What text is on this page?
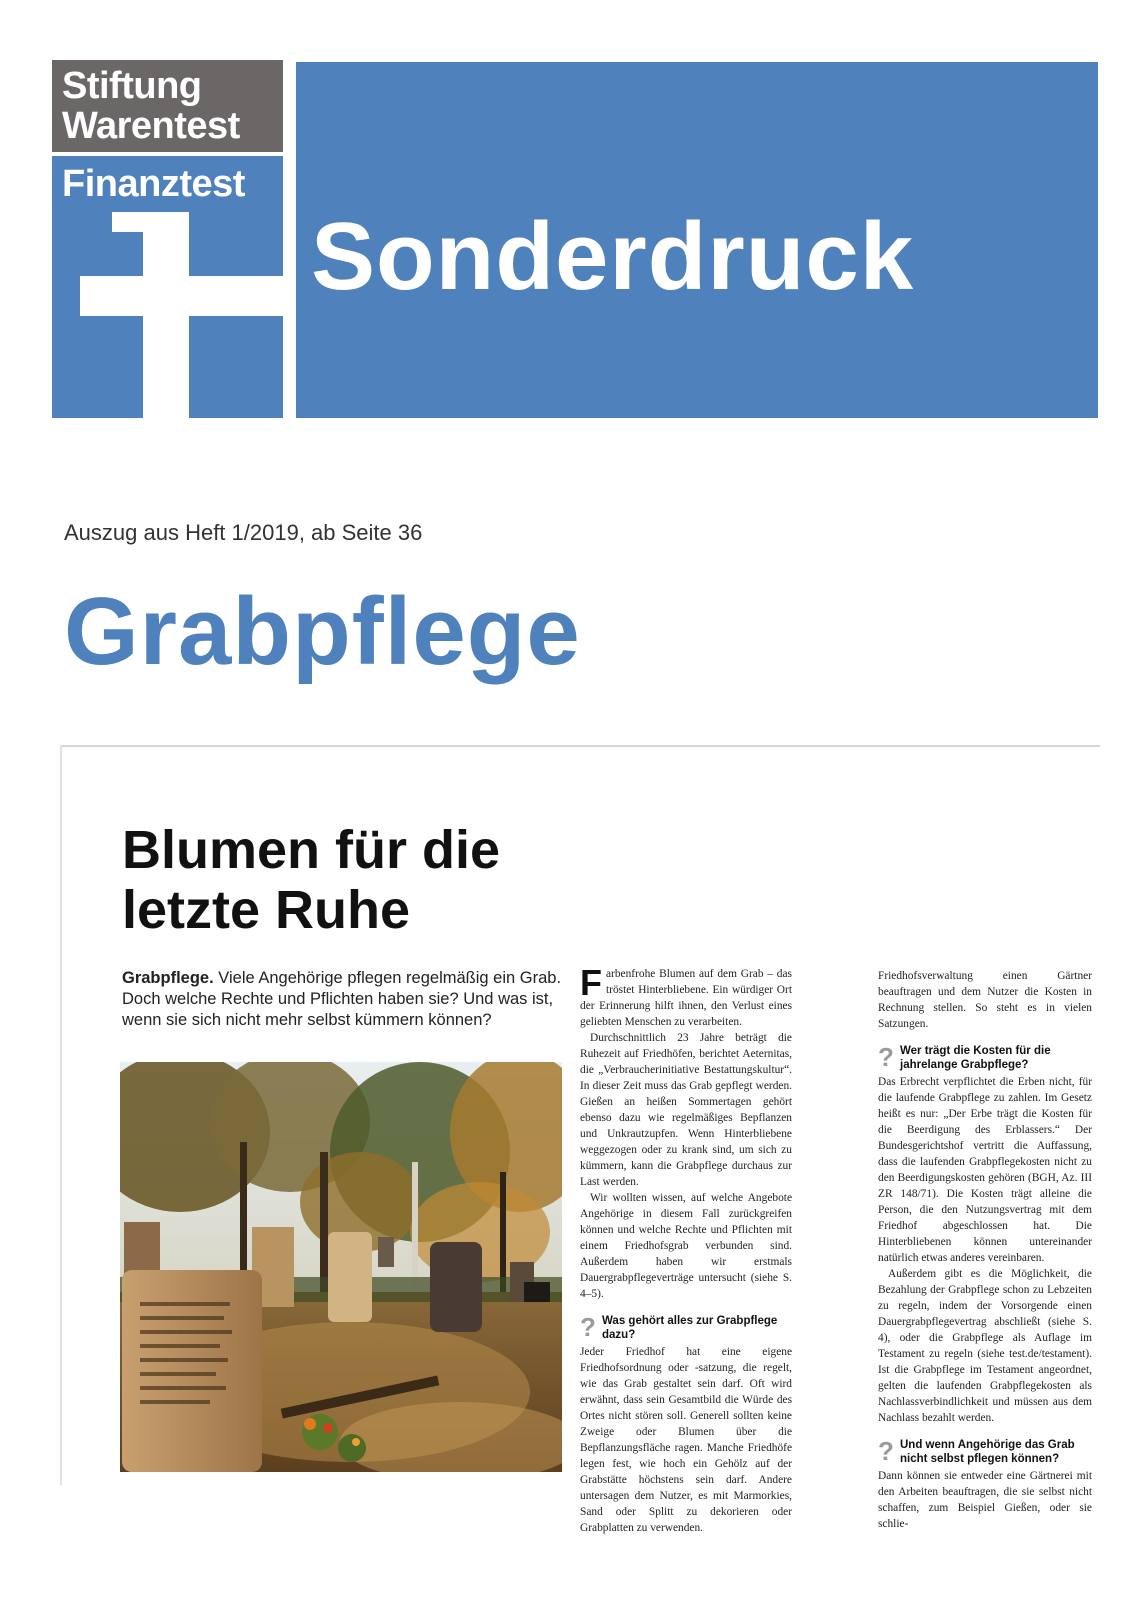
Stiftung
Warentest
Finanztest
Sonderdruck
Auszug aus Heft 1/2019, ab Seite 36
Grabpflege
Blumen für die
letzte Ruhe
Grabpflege. Viele Angehörige pflegen regelmäßig ein Grab. Doch welche Rechte und Pflichten haben sie? Und was ist, wenn sie sich nicht mehr selbst kümmern können?

Farbenfrohe Blumen auf dem Grab – das tröstet Hinterbliebene. Ein würdiger Ort der Erinnerung hilft ihnen, den Verlust eines geliebten Menschen zu verarbeiten.

Durchschnittlich 23 Jahre beträgt die Ruhezeit auf Friedhöfen, berichtet Aeternitas, die „Verbraucherinitiative Bestattungskultur“. In dieser Zeit muss das Grab gepflegt werden. Gießen an heißen Sommertagen gehört ebenso dazu wie regelmäßiges Bepflanzen und Unkrautzupfen. Wenn Hinterbliebene weggezogen oder zu krank sind, um sich zu kümmern, kann die Grabpflege durchaus zur Last werden.

Wir wollten wissen, auf welche Angebote Angehörige in diesem Fall zurückgreifen können und welche Rechte und Pflichten mit einem Friedhofsgrab verbunden sind. Außerdem haben wir erstmals Dauergrabpflegeverträge untersucht (siehe S. 4–5).

? Was gehört alles zur Grabpflege dazu?

Jeder Friedhof hat eine eigene Friedhofsordnung oder -satzung, die regelt, wie das Grab gestaltet sein darf. Oft wird erwähnt, dass sein Gesamtbild die Würde des Ortes nicht stören soll. Generell sollten keine Zweige oder Blumen über die Bepflanzungsfläche ragen. Manche Friedhöfe legen fest, wie hoch ein Gehölz auf der Grabstätte höchstens sein darf. Andere untersagen dem Nutzer, es mit Marmorkies, Sand oder Splitt zu dekorieren oder Grabplatten zu verwenden.

Friedhofsverwaltung einen Gärtner beauftragen und dem Nutzer die Kosten in Rechnung stellen. So steht es in vielen Satzungen.

? Wer trägt die Kosten für die jahrelange Grabpflege?

Das Erbrecht verpflichtet die Erben nicht, für die laufende Grabpflege zu zahlen. Im Gesetz heißt es nur: „Der Erbe trägt die Kosten für die Beerdigung des Erblassers.“ Der Bundesgerichtshof vertritt die Auffassung, dass die laufenden Grabpflegekosten nicht zu den Beerdigungskosten gehören (BGH, Az. III ZR 148/71). Die Kosten trägt alleine die Person, die den Nutzungsvertrag mit dem Friedhof abgeschlossen hat. Die Hinterbliebenen können untereinander natürlich etwas anderes vereinbaren.

Außerdem gibt es die Möglichkeit, die Bezahlung der Grabpflege schon zu Lebzeiten zu regeln, indem der Vorsorgende einen Dauergrabpflegevertrag abschließt (siehe S. 4), oder die Grabpflege als Auflage im Testament zu regeln (siehe test.de/testament). Ist die Grabpflege im Testament angeordnet, gelten die laufenden Grabpflegekosten als Nachlassverbindlichkeit und müssen aus dem Nachlass bezahlt werden.

? Und wenn Angehörige das Grab nicht selbst pflegen können?

Dann können sie entweder eine Gärtnerei mit den Arbeiten beauftragen, die sie selbst nicht schaffen, zum Beispiel Gießen, oder sie schlie-
